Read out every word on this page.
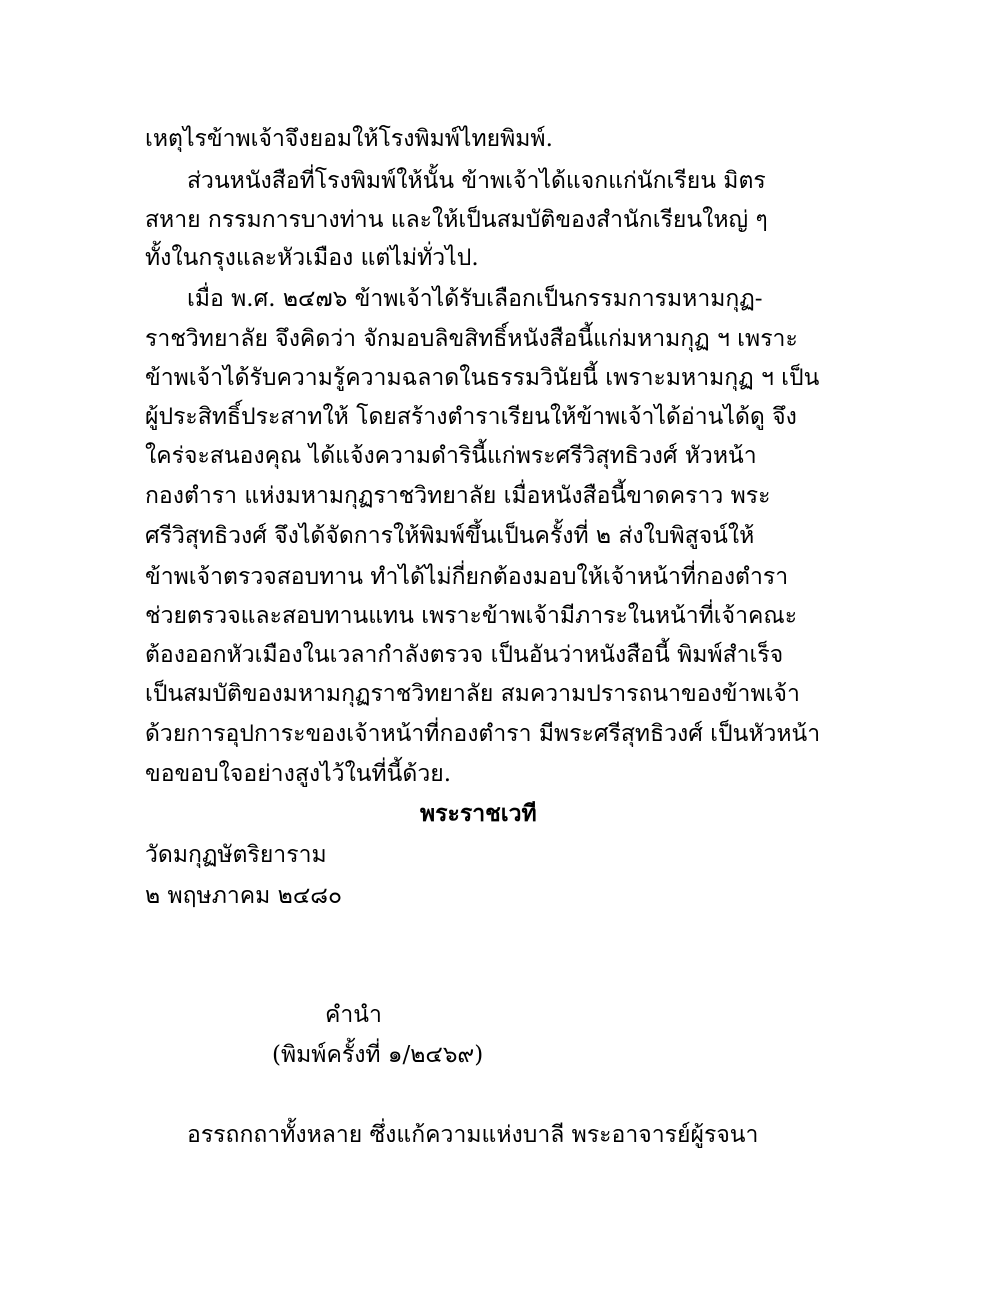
เหตุไรข้าพเจ้าจึงยอมให้โรงพิมพ์ไทยพิมพ์.
ส่วนหนังสือที่โรงพิมพ์ให้นั้น ข้าพเจ้าได้แจกแก่นักเรียน มิตร
สหาย กรรมการบางท่าน และให้เป็นสมบัติของสำนักเรียนใหญ่ ๆ
ทั้งในกรุงและหัวเมือง แต่ไม่ทั่วไป.
เมื่อ พ.ศ. ๒๔๗๖ ข้าพเจ้าได้รับเลือกเป็นกรรมการมหามกุฏ-
ราชวิทยาลัย จึงคิดว่า จักมอบลิขสิทธิ์หนังสือนี้แก่มหามกุฏ ฯ เพราะ
ข้าพเจ้าได้รับความรู้ความฉลาดในธรรมวินัยนี้ เพราะมหามกุฏ ฯ เป็น
ผู้ประสิทธิ์ประสาทให้ โดยสร้างตำราเรียนให้ข้าพเจ้าได้อ่านได้ดู จึง
ใคร่จะสนองคุณ ได้แจ้งความดำรินี้แก่พระศรีวิสุทธิวงศ์ หัวหน้า
กองตำรา แห่งมหามกุฏราชวิทยาลัย เมื่อหนังสือนี้ขาดคราว พระ
ศรีวิสุทธิวงศ์ จึงได้จัดการให้พิมพ์ขึ้นเป็นครั้งที่ ๒ ส่งใบพิสูจน์ให้
ข้าพเจ้าตรวจสอบทาน ทำได้ไม่กี่ยกต้องมอบให้เจ้าหน้าที่กองตำรา
ช่วยตรวจและสอบทานแทน เพราะข้าพเจ้ามีภาระในหน้าที่เจ้าคณะ
ต้องออกหัวเมืองในเวลากำลังตรวจ เป็นอันว่าหนังสือนี้ พิมพ์สำเร็จ
เป็นสมบัติของมหามกุฏราชวิทยาลัย สมความปรารถนาของข้าพเจ้า
ด้วยการอุปการะของเจ้าหน้าที่กองตำรา มีพระศรีสุทธิวงศ์ เป็นหัวหน้า
ขอขอบใจอย่างสูงไว้ในที่นี้ด้วย.
พระราชเวที
วัดมกุฏษัตริยาราม
๒ พฤษภาคม ๒๔๘๐
คำนำ
(พิมพ์ครั้งที่ ๑/๒๔๖๙)
อรรถกถาทั้งหลาย ซึ่งแก้ความแห่งบาลี พระอาจารย์ผู้รจนา
